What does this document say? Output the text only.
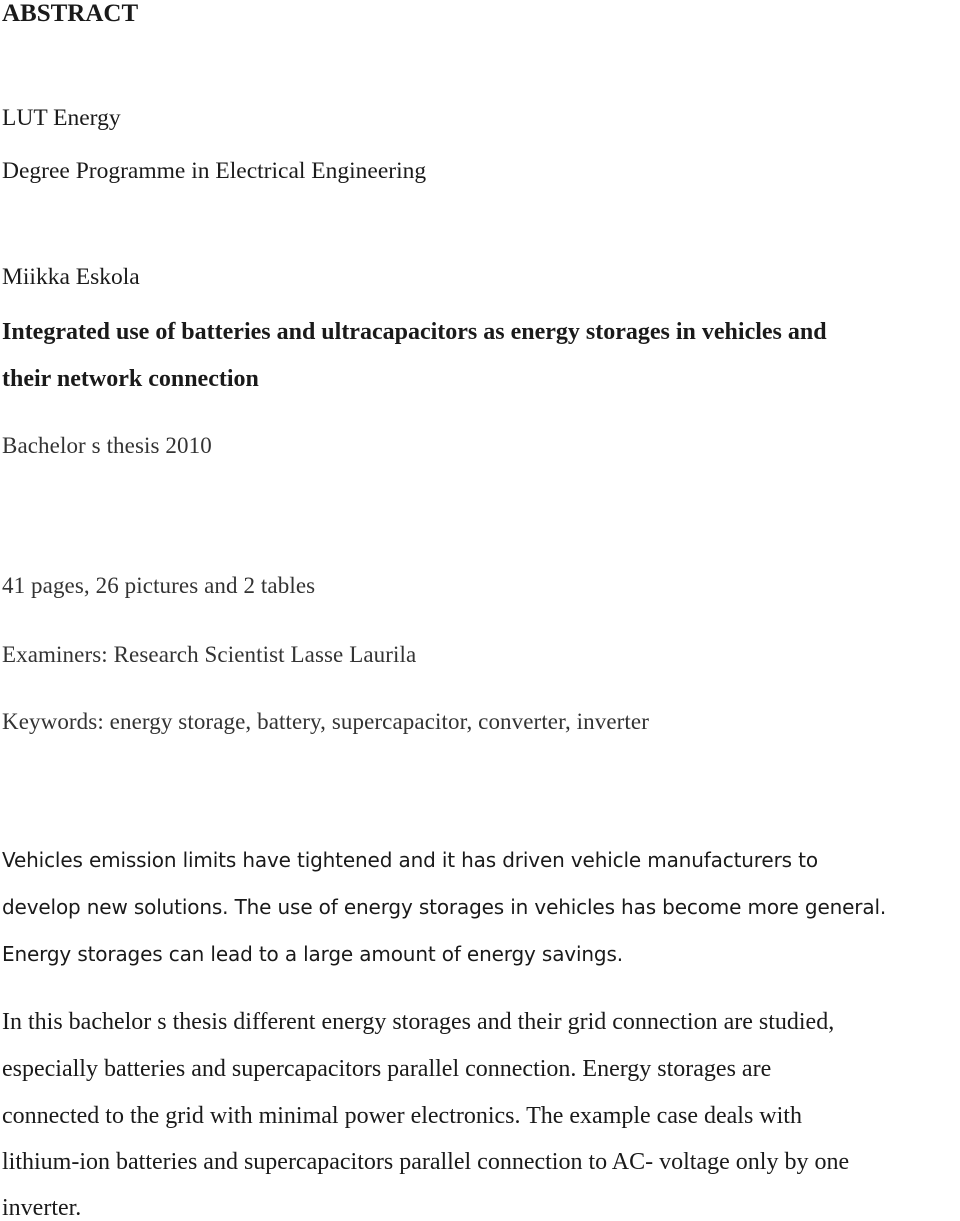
ABSTRACT
LUT Energy
Degree Programme in Electrical Engineering
Miikka Eskola
Integrated use of batteries and ultracapacitors as energy storages in vehicles and
their network connection
Bachelor s thesis 2010
41 pages, 26 pictures and 2 tables
Examiners: Research Scientist Lasse Laurila
Keywords: energy storage, battery, supercapacitor, converter, inverter
Vehicles emission limits have tightened and it has driven vehicle manufacturers to
develop new solutions. The use of energy storages in vehicles has become more general.
Energy storages can lead to a large amount of energy savings.
In this bachelor s thesis different energy storages and their grid connection are studied,
especially batteries and supercapacitors parallel connection. Energy storages are
connected to the grid with minimal power electronics. The example case deals with
lithium-ion batteries and supercapacitors parallel connection to AC- voltage only by one
inverter.
